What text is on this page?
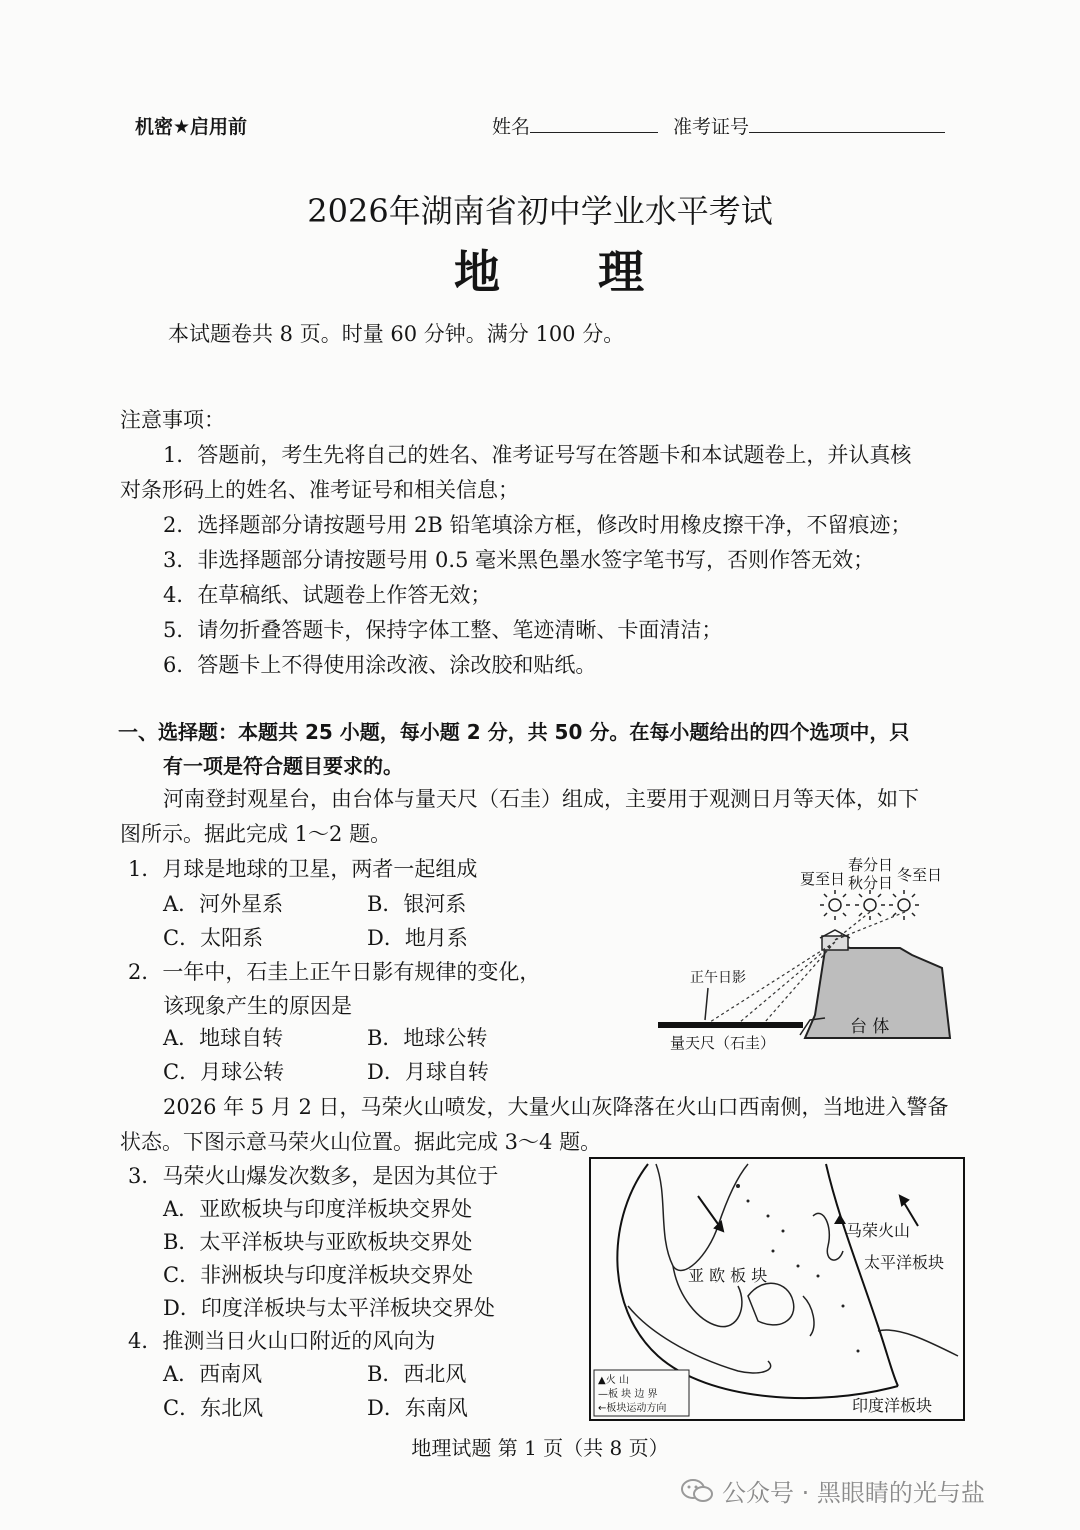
机密★启用前	姓名	准考证号
2026年湖南省初中学业水平考试
地　　理
本试题卷共 8 页。时量 60 分钟。满分 100 分。
注意事项：
1．答题前，考生先将自己的姓名、准考证号写在答题卡和本试题卷上，并认真核
对条形码上的姓名、准考证号和相关信息；
2．选择题部分请按题号用 2B 铅笔填涂方框，修改时用橡皮擦干净，不留痕迹；
3．非选择题部分请按题号用 0.5 毫米黑色墨水签字笔书写，否则作答无效；
4．在草稿纸、试题卷上作答无效；
5．请勿折叠答题卡，保持字体工整、笔迹清晰、卡面清洁；
6．答题卡上不得使用涂改液、涂改胶和贴纸。
一、选择题：本题共 25 小题，每小题 2 分，共 50 分。在每小题给出的四个选项中，只
有一项是符合题目要求的。
河南登封观星台，由台体与量天尺（石圭）组成，主要用于观测日月等天体，如下
图所示。据此完成 1～2 题。
1．月球是地球的卫星，两者一起组成
A．河外星系	B．银河系
C．太阳系	D．地月系
2．一年中，石圭上正午日影有规律的变化，
该现象产生的原因是
A．地球自转	B．地球公转
C．月球公转	D．月球自转
夏至日
春分日
秋分日 冬至日
正午日影
台 体
量天尺（石圭）
2026 年 5 月 2 日，马荣火山喷发，大量火山灰降落在火山口西南侧，当地进入警备
状态。下图示意马荣火山位置。据此完成 3～4 题。
3．马荣火山爆发次数多，是因为其位于
A．亚欧板块与印度洋板块交界处
B．太平洋板块与亚欧板块交界处
C．非洲板块与印度洋板块交界处
D．印度洋板块与太平洋板块交界处
4．推测当日火山口附近的风向为
A．西南风	B．西北风
C．东北风	D．东南风
马荣火山
亚 欧 板 块
太平洋板块
印度洋板块
▲火 山
—板 块 边 界
←板块运动方向
地理试题 第 1 页（共 8 页）
公众号 · 黑眼睛的光与盐
